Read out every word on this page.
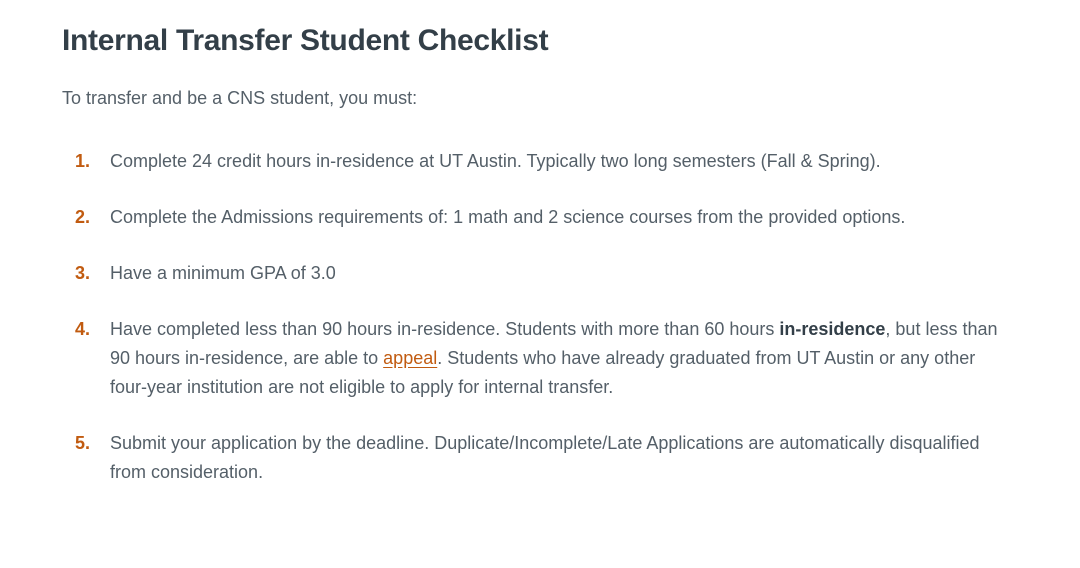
Internal Transfer Student Checklist

To transfer and be a CNS student, you must:

1.	Complete 24 credit hours in-residence at UT Austin. Typically two long semesters (Fall & Spring).
2.	Complete the Admissions requirements of: 1 math and 2 science courses from the provided options.
3.	Have a minimum GPA of 3.0
4.	Have completed less than 90 hours in-residence. Students with more than 60 hours in-residence, but less than 90 hours in-residence, are able to appeal. Students who have already graduated from UT Austin or any other four-year institution are not eligible to apply for internal transfer.
5.	Submit your application by the deadline. Duplicate/Incomplete/Late Applications are automatically disqualified from consideration.
